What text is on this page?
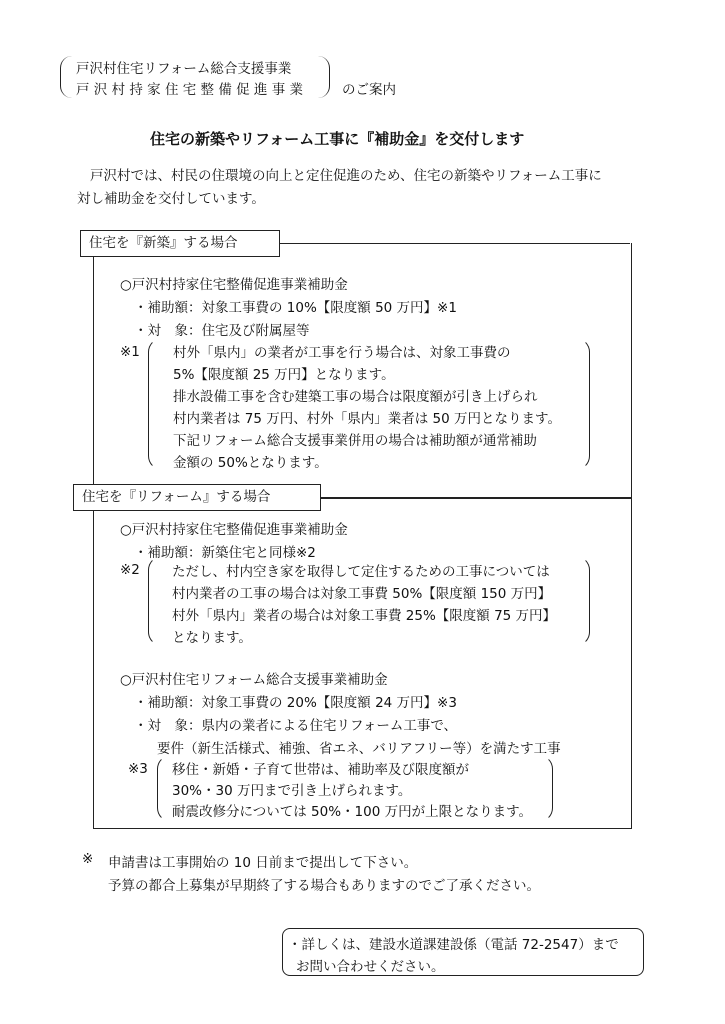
戸沢村住宅リフォーム総合支援事業
戸 沢 村 持 家 住 宅 整 備 促 進 事 業	のご案内
住宅の新築やリフォーム工事に『補助金』を交付します
戸沢村では、村民の住環境の向上と定住促進のため、住宅の新築やリフォーム工事に
対し補助金を交付しています。
住宅を『新築』する場合
○戸沢村持家住宅整備促進事業補助金
・補助額：対象工事費の 10%【限度額 50 万円】※1
・対　象：住宅及び附属屋等
※1 村外「県内」の業者が工事を行う場合は、対象工事費の
5%【限度額 25 万円】となります。
排水設備工事を含む建築工事の場合は限度額が引き上げられ
村内業者は 75 万円、村外「県内」業者は 50 万円となります。
下記リフォーム総合支援事業併用の場合は補助額が通常補助
金額の 50%となります。
住宅を『リフォーム』する場合
○戸沢村持家住宅整備促進事業補助金
・補助額：新築住宅と同様※2
※2 ただし、村内空き家を取得して定住するための工事については
村内業者の工事の場合は対象工事費 50%【限度額 150 万円】
村外「県内」業者の場合は対象工事費 25%【限度額 75 万円】
となります。
○戸沢村住宅リフォーム総合支援事業補助金
・補助額：対象工事費の 20%【限度額 24 万円】※3
・対　象：県内の業者による住宅リフォーム工事で、
要件（新生活様式、補強、省エネ、バリアフリー等）を満たす工事
※3 移住・新婚・子育て世帯は、補助率及び限度額が
30%・30 万円まで引き上げられます。
耐震改修分については 50%・100 万円が上限となります。
※ 申請書は工事開始の 10 日前まで提出して下さい。
予算の都合上募集が早期終了する場合もありますのでご了承ください。
・詳しくは、建設水道課建設係（電話 72-2547）まで
お問い合わせください。
